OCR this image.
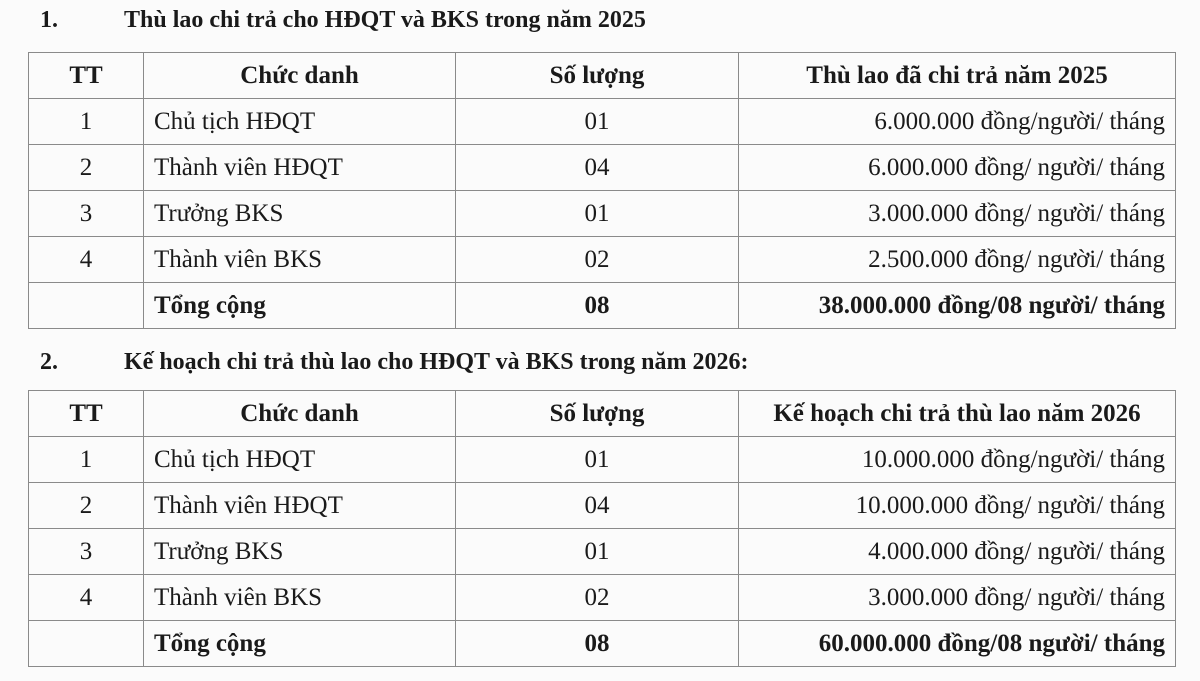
1.	Thù lao chi trả cho HĐQT và BKS trong năm 2025
TT	Chức danh	Số lượng	Thù lao đã chi trả năm 2025
1	Chủ tịch HĐQT	01	6.000.000 đồng/người/ tháng
2	Thành viên HĐQT	04	6.000.000 đồng/ người/ tháng
3	Trưởng BKS	01	3.000.000 đồng/ người/ tháng
4	Thành viên BKS	02	2.500.000 đồng/ người/ tháng
	Tổng cộng	08	38.000.000 đồng/08 người/ tháng
2.	Kế hoạch chi trả thù lao cho HĐQT và BKS trong năm 2026:
TT	Chức danh	Số lượng	Kế hoạch chi trả thù lao năm 2026
1	Chủ tịch HĐQT	01	10.000.000 đồng/người/ tháng
2	Thành viên HĐQT	04	10.000.000 đồng/ người/ tháng
3	Trưởng BKS	01	4.000.000 đồng/ người/ tháng
4	Thành viên BKS	02	3.000.000 đồng/ người/ tháng
	Tổng cộng	08	60.000.000 đồng/08 người/ tháng
